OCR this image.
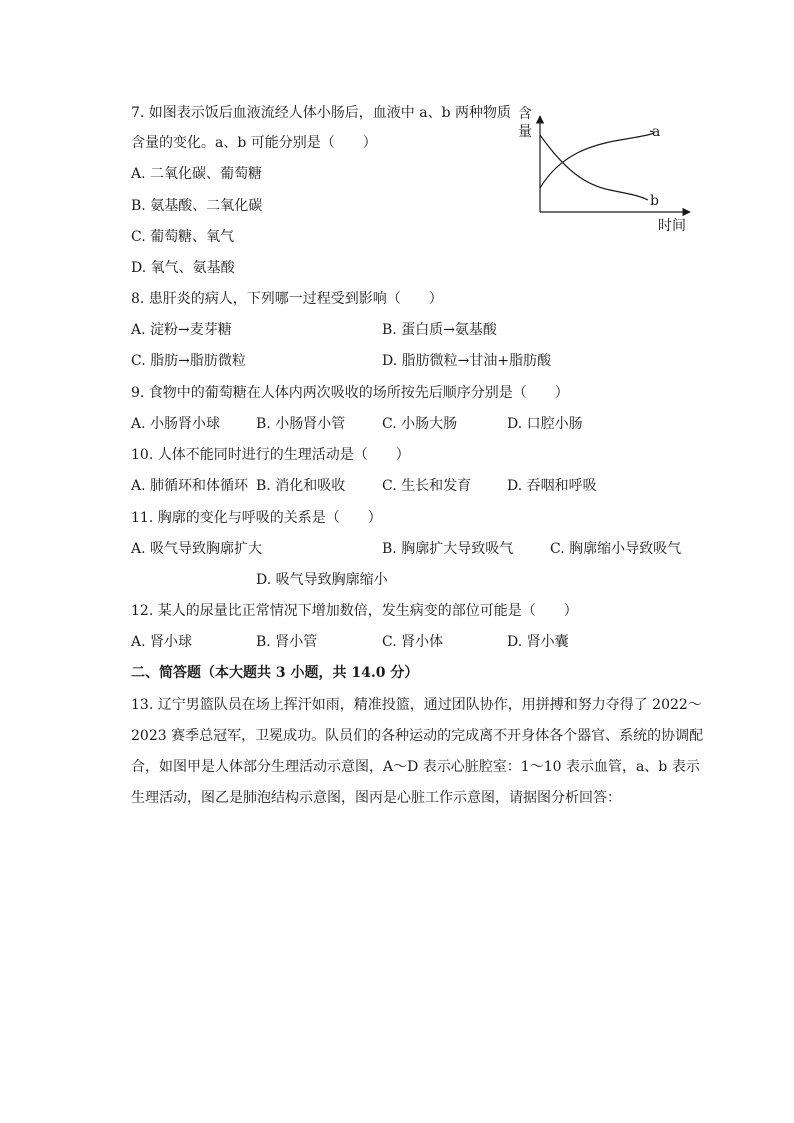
7. 如图表示饭后血液流经人体小肠后，血液中 a、b 两种物质
含量的变化。a、b 可能分别是（　　）
A. 二氧化碳、葡萄糖
B. 氨基酸、二氧化碳
C. 葡萄糖、氧气
D. 氧气、氨基酸
含
量	a
b
时间
8. 患肝炎的病人，下列哪一过程受到影响（　　）
A. 淀粉→麦芽糖	B. 蛋白质→氨基酸
C. 脂肪→脂肪微粒	D. 脂肪微粒→甘油+脂肪酸
9. 食物中的葡萄糖在人体内两次吸收的场所按先后顺序分别是（　　）
A. 小肠肾小球	B. 小肠肾小管	C. 小肠大肠	D. 口腔小肠
10. 人体不能同时进行的生理活动是（　　）
A. 肺循环和体循环 B. 消化和吸收	C. 生长和发育	D. 吞咽和呼吸
11. 胸廓的变化与呼吸的关系是（　　）
A. 吸气导致胸廓扩大	B. 胸廓扩大导致吸气	C. 胸廓缩小导致吸气
D. 吸气导致胸廓缩小
12. 某人的尿量比正常情况下增加数倍，发生病变的部位可能是（　　）
A. 肾小球	B. 肾小管	C. 肾小体	D. 肾小囊
二、简答题（本大题共 3 小题，共 14.0 分）
13. 辽宁男篮队员在场上挥汗如雨，精准投篮，通过团队协作，用拼搏和努力夺得了 2022～
2023 赛季总冠军，卫冕成功。队员们的各种运动的完成离不开身体各个器官、系统的协调配
合，如图甲是人体部分生理活动示意图，A～D 表示心脏腔室：1～10 表示血管，a、b 表示
生理活动，图乙是肺泡结构示意图，图丙是心脏工作示意图，请据图分析回答：
